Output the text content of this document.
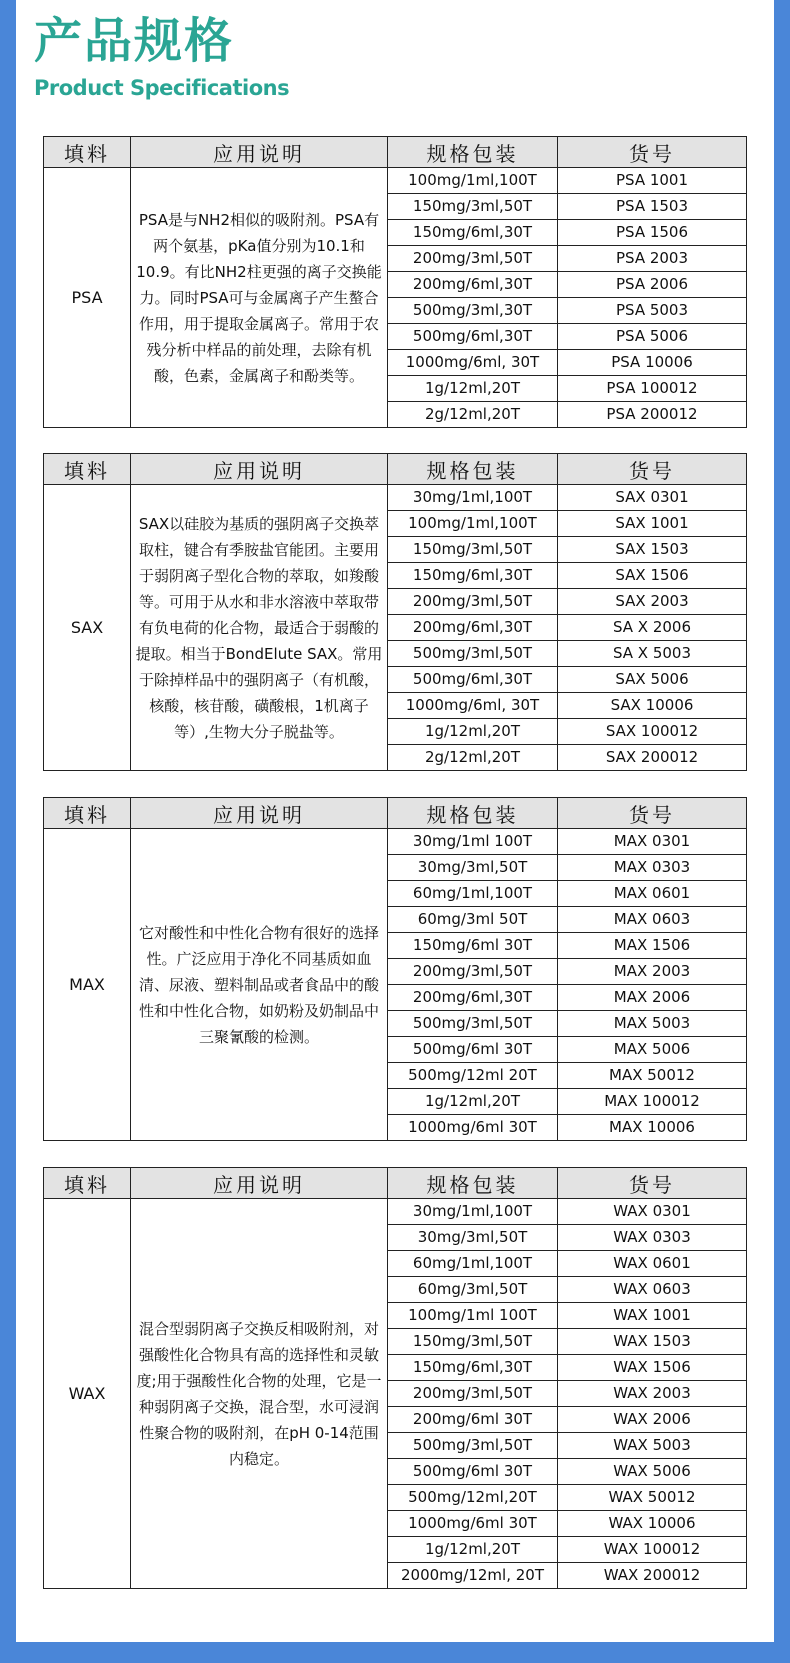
产品规格
Product Specifications
填料	应用说明	规格包装	货号
PSA	PSA是与NH2相似的吸附剂。PSA有两个氨基，pKa值分别为10.1和10.9。有比NH2柱更强的离子交换能力。同时PSA可与金属离子产生螯合作用，用于提取金属离子。常用于农残分析中样品的前处理，去除有机酸，色素，金属离子和酚类等。	100mg/1ml,100T	PSA 1001
		150mg/3ml,50T	PSA 1503
		150mg/6ml,30T	PSA 1506
		200mg/3ml,50T	PSA 2003
		200mg/6ml,30T	PSA 2006
		500mg/3ml,30T	PSA 5003
		500mg/6ml,30T	PSA 5006
		1000mg/6ml, 30T	PSA 10006
		1g/12ml,20T	PSA 100012
		2g/12ml,20T	PSA 200012
填料	应用说明	规格包装	货号
SAX	SAX以硅胶为基质的强阴离子交换萃取柱，键合有季胺盐官能团。主要用于弱阴离子型化合物的萃取，如羧酸等。可用于从水和非水溶液中萃取带有负电荷的化合物，最适合于弱酸的提取。相当于BondElute SAX。常用于除掉样品中的强阴离子（有机酸，核酸，核苷酸，磺酸根，1机离子等）,生物大分子脱盐等。	30mg/1ml,100T	SAX 0301
		100mg/1ml,100T	SAX 1001
		150mg/3ml,50T	SAX 1503
		150mg/6ml,30T	SAX 1506
		200mg/3ml,50T	SAX 2003
		200mg/6ml,30T	SA X 2006
		500mg/3ml,50T	SA X 5003
		500mg/6ml,30T	SAX 5006
		1000mg/6ml, 30T	SAX 10006
		1g/12ml,20T	SAX 100012
		2g/12ml,20T	SAX 200012
填料	应用说明	规格包装	货号
MAX	它对酸性和中性化合物有很好的选择性。广泛应用于净化不同基质如血清、尿液、塑料制品或者食品中的酸性和中性化合物，如奶粉及奶制品中三聚氰酸的检测。	30mg/1ml 100T	MAX 0301
		30mg/3ml,50T	MAX 0303
		60mg/1ml,100T	MAX 0601
		60mg/3ml 50T	MAX 0603
		150mg/6ml 30T	MAX 1506
		200mg/3ml,50T	MAX 2003
		200mg/6ml,30T	MAX 2006
		500mg/3ml,50T	MAX 5003
		500mg/6ml 30T	MAX 5006
		500mg/12ml 20T	MAX 50012
		1g/12ml,20T	MAX 100012
		1000mg/6ml 30T	MAX 10006
填料	应用说明	规格包装	货号
WAX	混合型弱阴离子交换反相吸附剂，对强酸性化合物具有高的选择性和灵敏度;用于强酸性化合物的处理，它是一种弱阴离子交换，混合型，水可浸润性聚合物的吸附剂，在pH 0-14范围内稳定。	30mg/1ml,100T	WAX 0301
		30mg/3ml,50T	WAX 0303
		60mg/1ml,100T	WAX 0601
		60mg/3ml,50T	WAX 0603
		100mg/1ml 100T	WAX 1001
		150mg/3ml,50T	WAX 1503
		150mg/6ml,30T	WAX 1506
		200mg/3ml,50T	WAX 2003
		200mg/6ml 30T	WAX 2006
		500mg/3ml,50T	WAX 5003
		500mg/6ml 30T	WAX 5006
		500mg/12ml,20T	WAX 50012
		1000mg/6ml 30T	WAX 10006
		1g/12ml,20T	WAX 100012
		2000mg/12ml, 20T	WAX 200012
